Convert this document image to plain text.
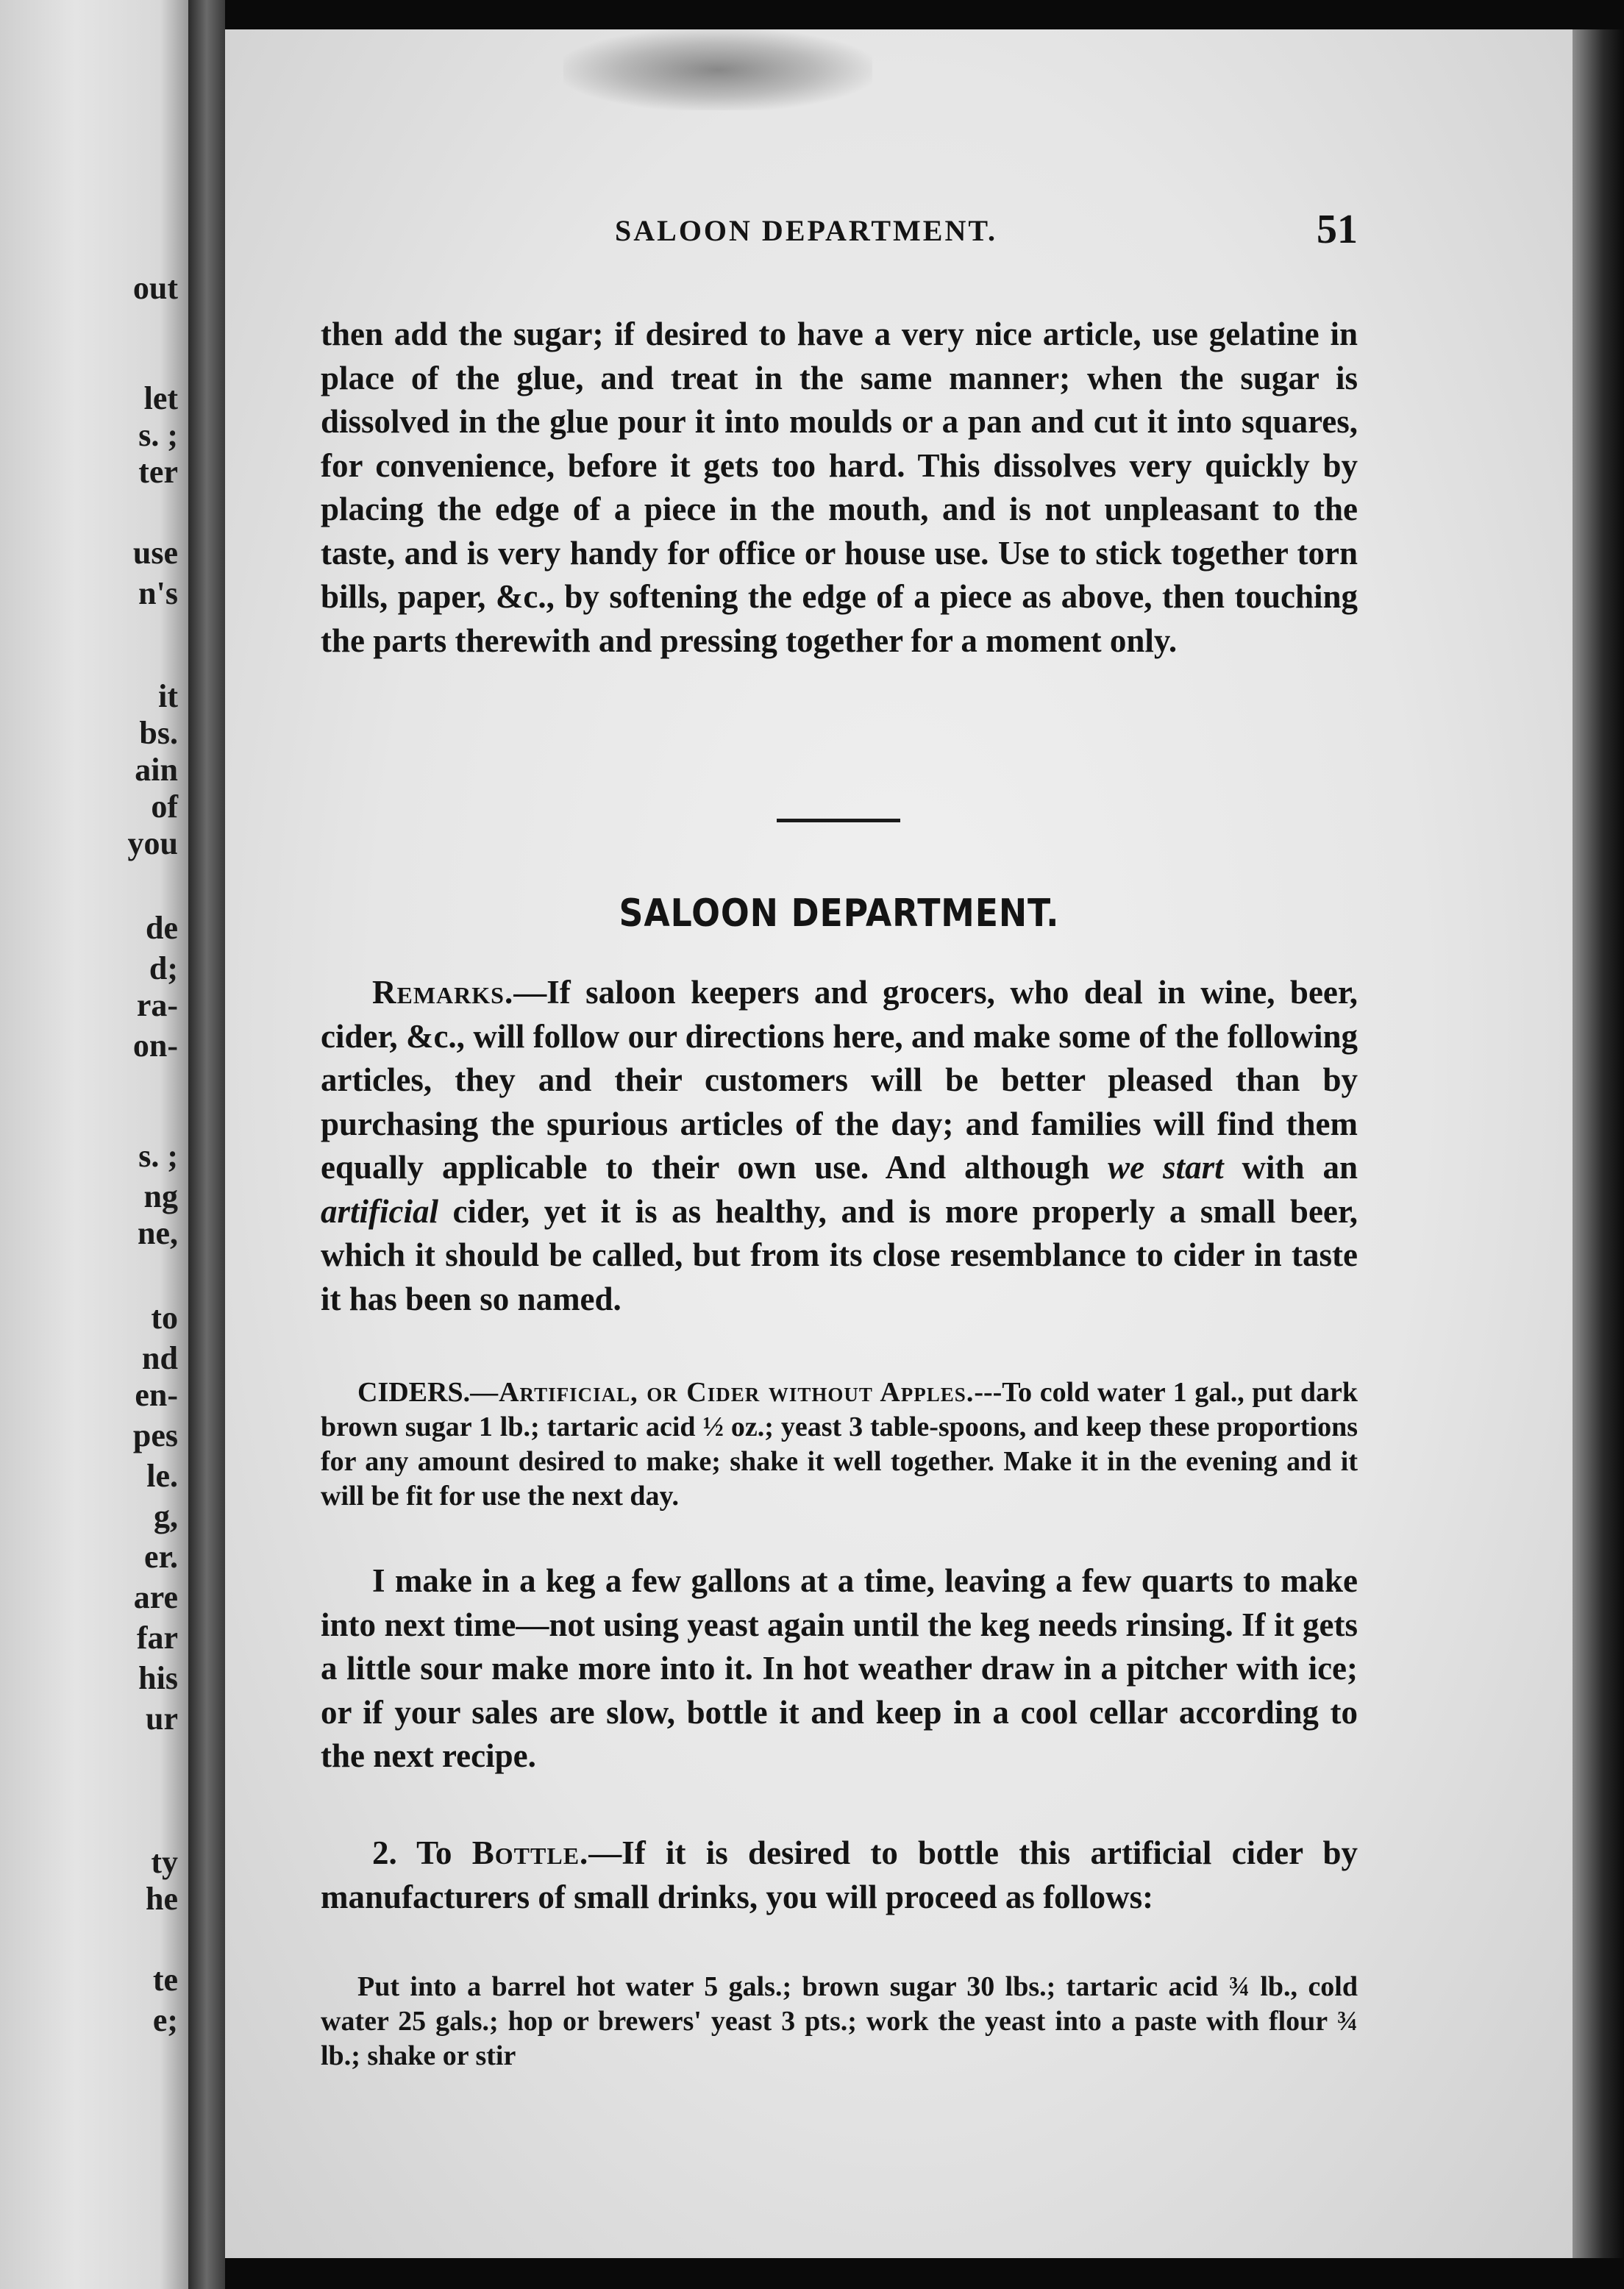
out
let
s. ;
ter
use
n's
it
bs.
ain
of
you
de
d;
ra-
on-
s. ;
ng
ne,
to
nd
en-
pes
le.
g,
er.
are
far
his
ur
ty
he
te
e;
SALOON DEPARTMENT.	51

then add the sugar; if desired to have a very nice article, use gelatine in place of the glue, and treat in the same manner; when the sugar is dissolved in the glue pour it into moulds or a pan and cut it into squares, for convenience, before it gets too hard. This dissolves very quickly by placing the edge of a piece in the mouth, and is not unpleasant to the taste, and is very handy for office or house use. Use to stick together torn bills, paper, &c., by softening the edge of a piece as above, then touching the parts therewith and pressing together for a moment only.

SALOON DEPARTMENT.

Remarks.—If saloon keepers and grocers, who deal in wine, beer, cider, &c., will follow our directions here, and make some of the following articles, they and their customers will be better pleased than by purchasing the spurious articles of the day; and families will find them equally applicable to their own use. And although we start with an artificial cider, yet it is as healthy, and is more properly a small beer, which it should be called, but from its close resemblance to cider in taste it has been so named.

CIDERS.—Artificial, or Cider without Apples.---To cold water 1 gal., put dark brown sugar 1 lb.; tartaric acid ½ oz.; yeast 3 table-spoons, and keep these proportions for any amount desired to make; shake it well together. Make it in the evening and it will be fit for use the next day.

I make in a keg a few gallons at a time, leaving a few quarts to make into next time—not using yeast again until the keg needs rinsing. If it gets a little sour make more into it. In hot weather draw in a pitcher with ice; or if your sales are slow, bottle it and keep in a cool cellar according to the next recipe.

2. To Bottle.—If it is desired to bottle this artificial cider by manufacturers of small drinks, you will proceed as follows:

Put into a barrel hot water 5 gals.; brown sugar 30 lbs.; tartaric acid ¾ lb., cold water 25 gals.; hop or brewers' yeast 3 pts.; work the yeast into a paste with flour ¾ lb.; shake or stir
